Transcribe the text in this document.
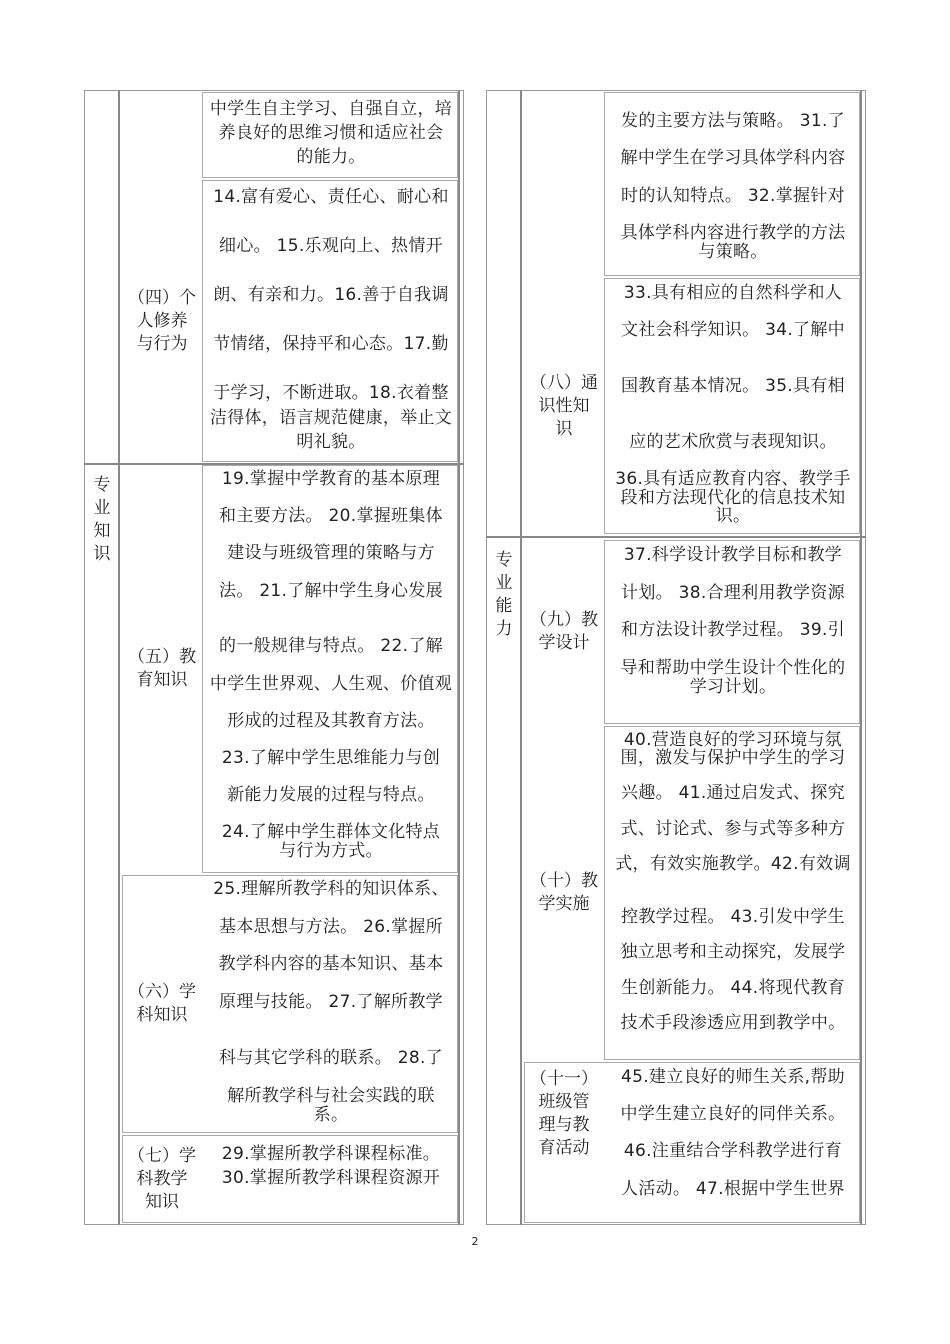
中学生自主学习、自强自立，培
养良好的思维习惯和适应社会
的能力。
（四）个
人修养
与行为
14.富有爱心、责任心、耐心和

细心。 15.乐观向上、热情开

朗、有亲和力。16.善于自我调

节情绪，保持平和心态。17.勤

于学习，不断进取。18.衣着整
洁得体，语言规范健康，举止文
明礼貌。
专业知识
（五）教
育知识
19.掌握中学教育的基本原理

和主要方法。 20.掌握班集体

建设与班级管理的策略与方

法。 21.了解中学生身心发展

的一般规律与特点。 22.了解

中学生世界观、人生观、价值观

形成的过程及其教育方法。

23.了解中学生思维能力与创

新能力发展的过程与特点。

24.了解中学生群体文化特点
与行为方式。
（六）学
科知识
25.理解所教学科的知识体系、

基本思想与方法。 26.掌握所

教学科内容的基本知识、基本

原理与技能。 27.了解所教学

科与其它学科的联系。 28.了

解所教学科与社会实践的联
系。
（七）学
科教学
知识
29.掌握所教学科课程标准。
30.掌握所教学科课程资源开
发的主要方法与策略。 31.了

解中学生在学习具体学科内容

时的认知特点。 32.掌握针对

具体学科内容进行教学的方法
与策略。
（八）通
识性知
识
33.具有相应的自然科学和人

文社会科学知识。 34.了解中

国教育基本情况。 35.具有相

应的艺术欣赏与表现知识。

36.具有适应教育内容、教学手
段和方法现代化的信息技术知
识。
专业能力	（九）教
学设计
37.科学设计教学目标和教学

计划。 38.合理利用教学资源

和方法设计教学过程。 39.引

导和帮助中学生设计个性化的
学习计划。
（十）教
学实施
40.营造良好的学习环境与氛
围，激发与保护中学生的学习

兴趣。 41.通过启发式、探究

式、讨论式、参与式等多种方

式，有效实施教学。42.有效调

控教学过程。 43.引发中学生

独立思考和主动探究，发展学

生创新能力。 44.将现代教育

技术手段渗透应用到教学中。
（十一）
班级管
理与教
育活动
45.建立良好的师生关系,帮助

中学生建立良好的同伴关系。

46.注重结合学科教学进行育

人活动。 47.根据中学生世界
2
